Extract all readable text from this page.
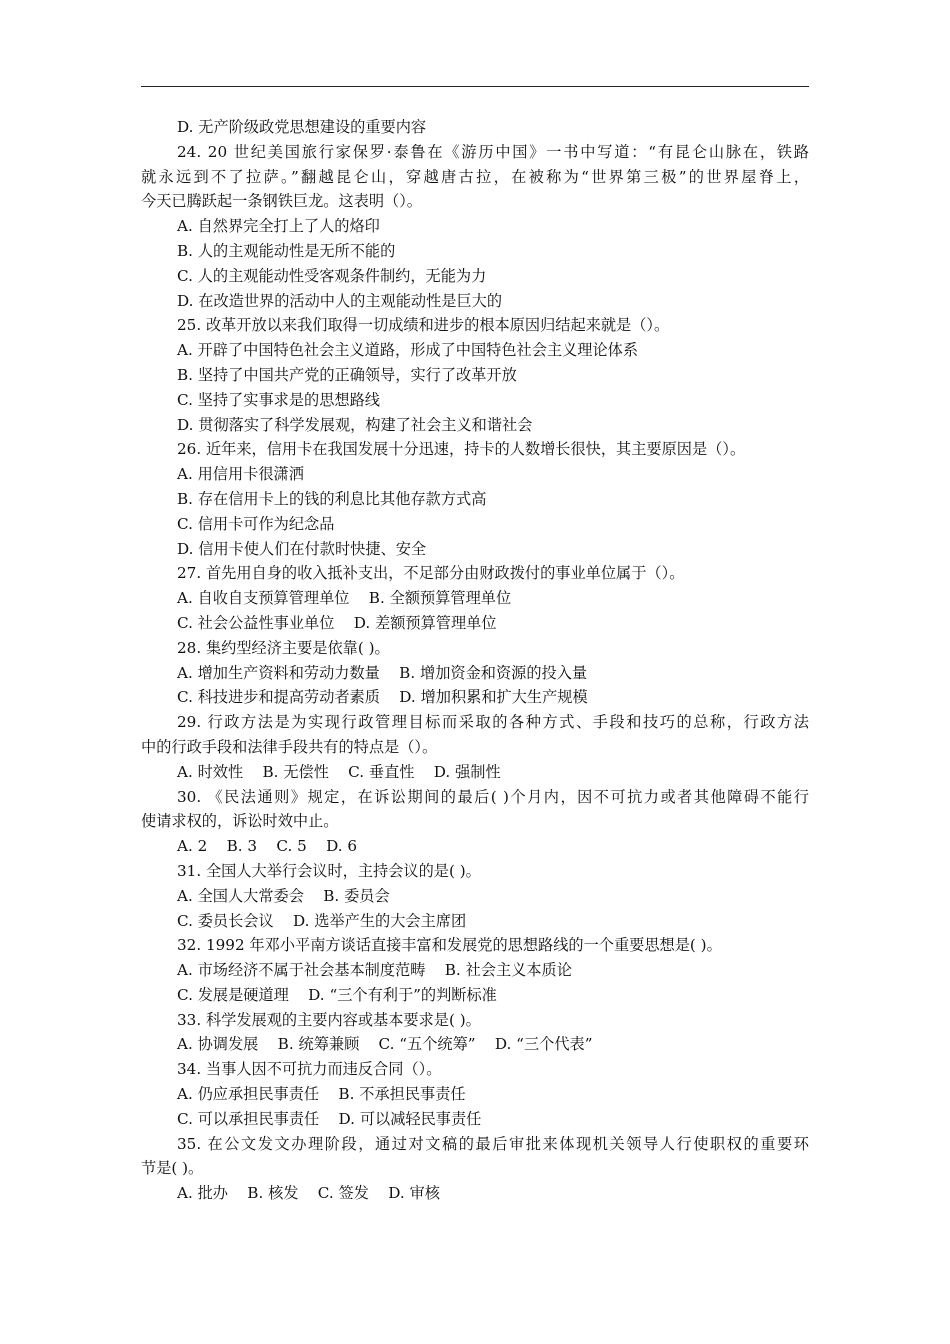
D. 无产阶级政党思想建设的重要内容
24. 20 世纪美国旅行家保罗·泰鲁在《游历中国》一书中写道：“有昆仑山脉在，铁路
就永远到不了拉萨。”翻越昆仑山，穿越唐古拉，在被称为“世界第三极”的世界屋脊上，
今天已腾跃起一条钢铁巨龙。这表明（）。
A. 自然界完全打上了人的烙印
B. 人的主观能动性是无所不能的
C. 人的主观能动性受客观条件制约，无能为力
D. 在改造世界的活动中人的主观能动性是巨大的
25. 改革开放以来我们取得一切成绩和进步的根本原因归结起来就是（）。
A. 开辟了中国特色社会主义道路，形成了中国特色社会主义理论体系
B. 坚持了中国共产党的正确领导，实行了改革开放
C. 坚持了实事求是的思想路线
D. 贯彻落实了科学发展观，构建了社会主义和谐社会
26. 近年来，信用卡在我国发展十分迅速，持卡的人数增长很快，其主要原因是（）。
A. 用信用卡很潇洒
B. 存在信用卡上的钱的利息比其他存款方式高
C. 信用卡可作为纪念品
D. 信用卡使人们在付款时快捷、安全
27. 首先用自身的收入抵补支出，不足部分由财政拨付的事业单位属于（）。
A. 自收自支预算管理单位    B. 全额预算管理单位
C. 社会公益性事业单位    D. 差额预算管理单位
28. 集约型经济主要是依靠( )。
A. 增加生产资料和劳动力数量    B. 增加资金和资源的投入量
C. 科技进步和提高劳动者素质    D. 增加积累和扩大生产规模
29. 行政方法是为实现行政管理目标而采取的各种方式、手段和技巧的总称，行政方法
中的行政手段和法律手段共有的特点是（）。
A. 时效性    B. 无偿性    C. 垂直性    D. 强制性
30. 《民法通则》规定，在诉讼期间的最后( )个月内，因不可抗力或者其他障碍不能行
使请求权的，诉讼时效中止。
A. 2    B. 3    C. 5    D. 6
31. 全国人大举行会议时，主持会议的是( )。
A. 全国人大常委会    B. 委员会
C. 委员长会议    D. 选举产生的大会主席团
32. 1992 年邓小平南方谈话直接丰富和发展党的思想路线的一个重要思想是( )。
A. 市场经济不属于社会基本制度范畴    B. 社会主义本质论
C. 发展是硬道理    D. “三个有利于”的判断标准
33. 科学发展观的主要内容或基本要求是( )。
A. 协调发展    B. 统筹兼顾    C. “五个统筹”    D. “三个代表”
34. 当事人因不可抗力而违反合同（）。
A. 仍应承担民事责任    B. 不承担民事责任
C. 可以承担民事责任    D. 可以减轻民事责任
35. 在公文发文办理阶段，通过对文稿的最后审批来体现机关领导人行使职权的重要环
节是( )。
A. 批办    B. 核发    C. 签发    D. 审核
